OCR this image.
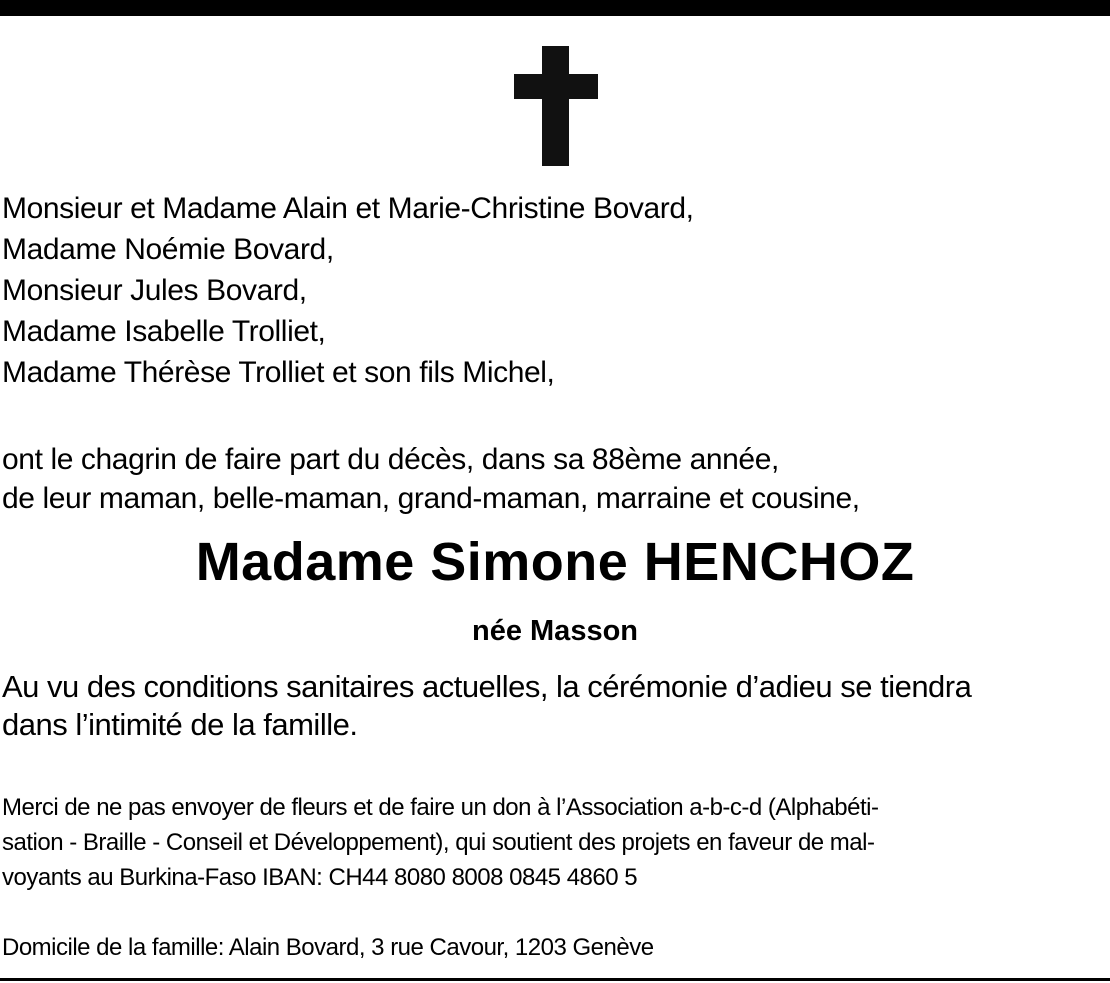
Monsieur et Madame Alain et Marie-Christine Bovard,
Madame Noémie Bovard,
Monsieur Jules Bovard,
Madame Isabelle Trolliet,
Madame Thérèse Trolliet et son fils Michel,
ont le chagrin de faire part du décès, dans sa 88ème année,
de leur maman, belle-maman, grand-maman, marraine et cousine,
Madame Simone HENCHOZ
née Masson
Au vu des conditions sanitaires actuelles, la cérémonie d’adieu se tiendra
dans l’intimité de la famille.
Merci de ne pas envoyer de fleurs et de faire un don à l’Association a-b-c-d (Alphabéti-
sation - Braille - Conseil et Développement), qui soutient des projets en faveur de mal-
voyants au Burkina-Faso IBAN: CH44 8080 8008 0845 4860 5
Domicile de la famille: Alain Bovard, 3 rue Cavour, 1203 Genève
